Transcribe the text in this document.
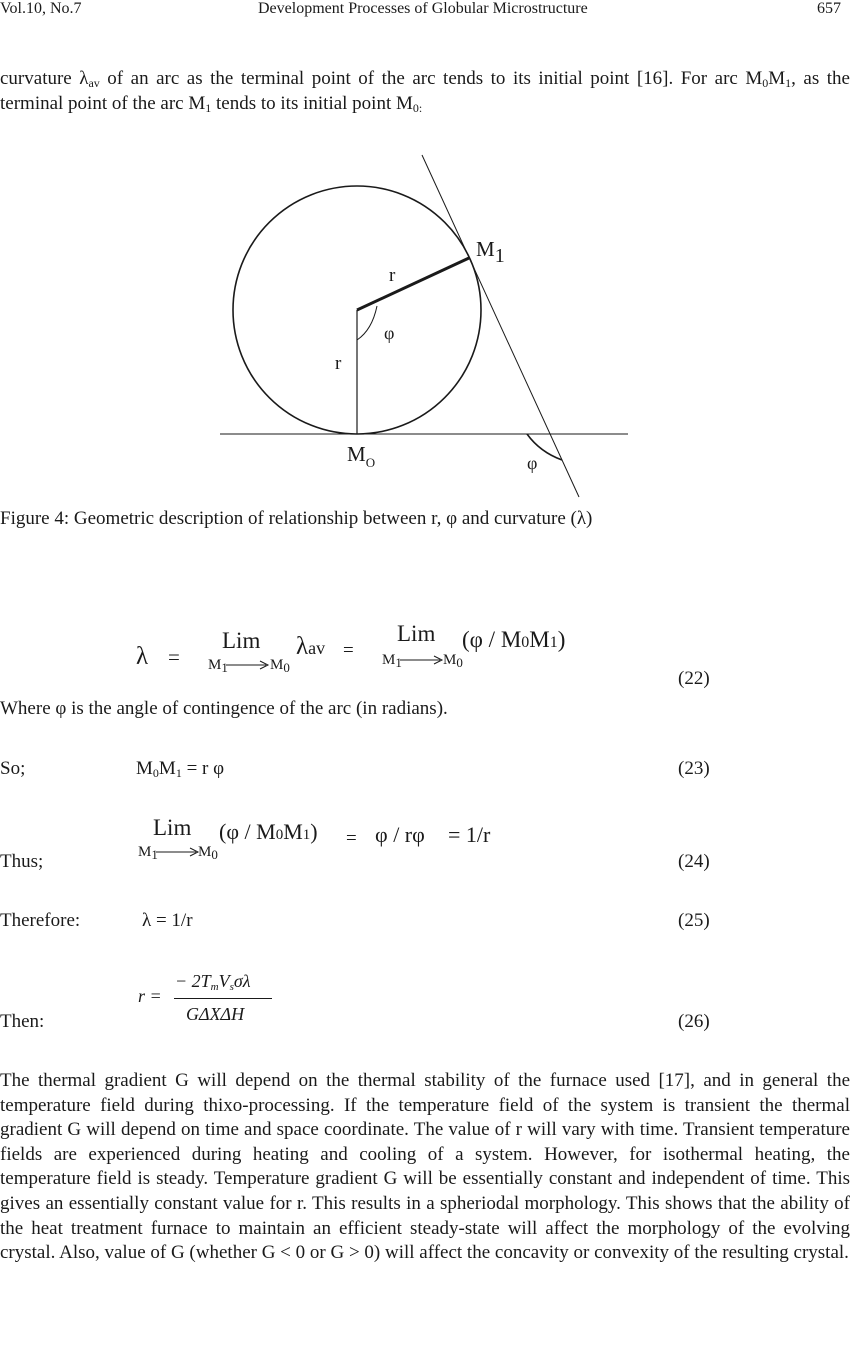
Vol.10, No.7	Development Processes of Globular Microstructure	657
curvature $\lambda_{av}$ of an arc as the terminal point of the arc tends to its initial point [16]. For arc $M_0M_1$, as the terminal point of the arc $M_1$ tends to its initial point $M_{0:}$
M1
r
φ
r
$M_O$	φ
Figure 4: Geometric description of relationship between r, φ and curvature (λ)
λ =
Lim
$M_1$	$M_0$
λav =
Lim
$M_1$	$M_0$
(φ / M0M1)
(22)
Where φ is the angle of contingence of the arc (in radians).
So;	$M_0M_1 = r$ φ	(23)
Thus;
Lim
$M_1$	$M_0$
(φ / M0M1) = φ / rφ = 1/r
(24)
Therefore:	λ = 1/r	(25)
Then:
r =
− $2T_mV_s\sigma\lambda$
GΔXΔH	(26)
The thermal gradient G will depend on the thermal stability of the furnace used [17], and in general the temperature field during thixo-processing. If the temperature field of the system is transient the thermal gradient G will depend on time and space coordinate. The value of r will vary with time. Transient temperature fields are experienced during heating and cooling of a system. However, for isothermal heating, the temperature field is steady. Temperature gradient G will be essentially constant and independent of time. This gives an essentially constant value for r. This results in a spheriodal morphology. This shows that the ability of the heat treatment furnace to maintain an efficient steady-state will affect the morphology of the evolving crystal. Also, value of G (whether G < 0 or G > 0) will affect the concavity or convexity of the resulting crystal.
